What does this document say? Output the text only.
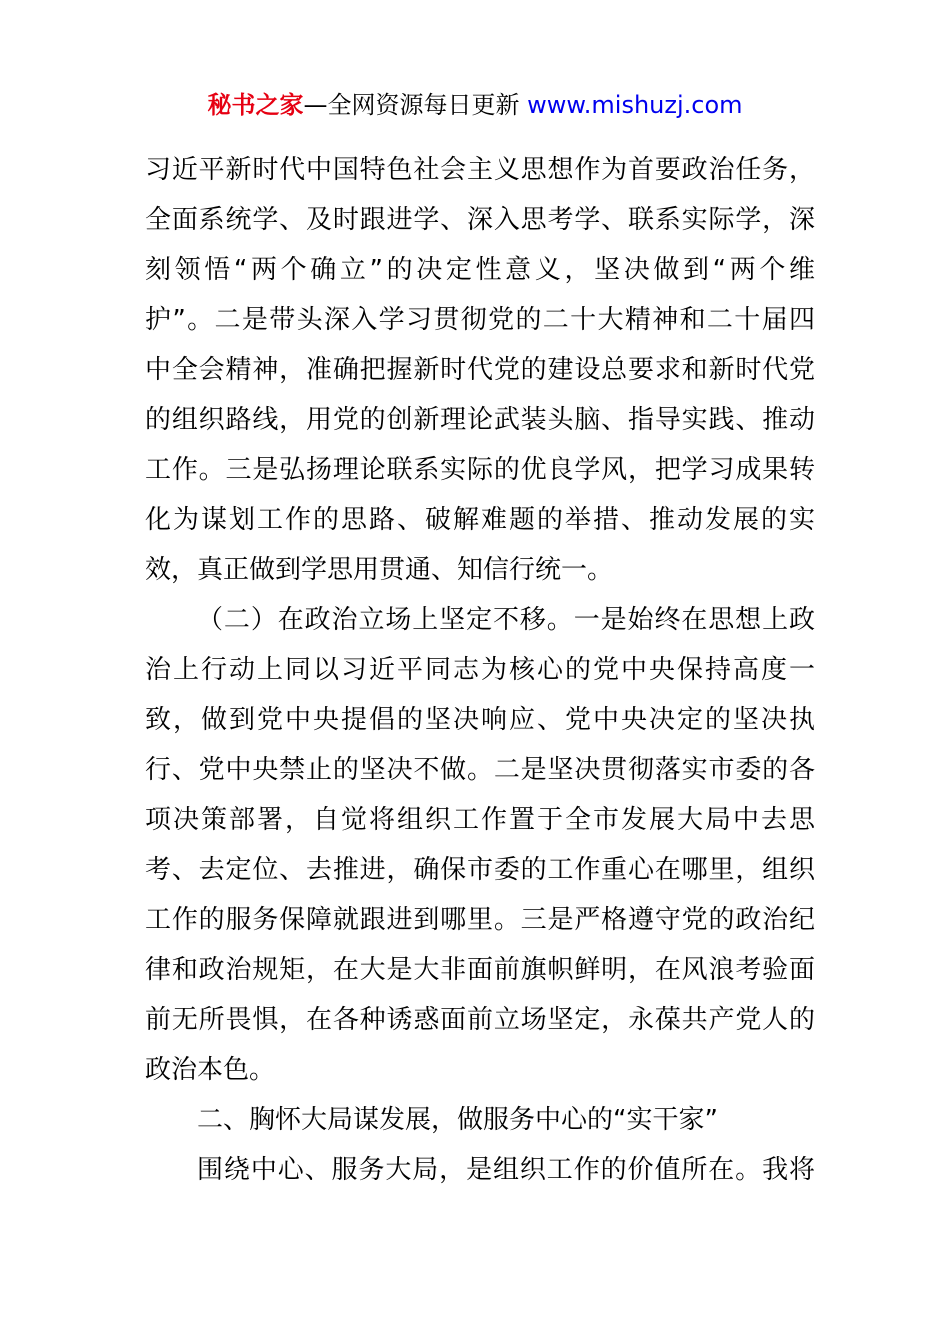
秘书之家—全网资源每日更新 www.mishuzj.com
习近平新时代中国特色社会主义思想作为首要政治任务，
全面系统学、及时跟进学、深入思考学、联系实际学，深
刻领悟“两个确立”的决定性意义，坚决做到“两个维
护”。二是带头深入学习贯彻党的二十大精神和二十届四
中全会精神，准确把握新时代党的建设总要求和新时代党
的组织路线，用党的创新理论武装头脑、指导实践、推动
工作。三是弘扬理论联系实际的优良学风，把学习成果转
化为谋划工作的思路、破解难题的举措、推动发展的实
效，真正做到学思用贯通、知信行统一。
（二）在政治立场上坚定不移。一是始终在思想上政
治上行动上同以习近平同志为核心的党中央保持高度一
致，做到党中央提倡的坚决响应、党中央决定的坚决执
行、党中央禁止的坚决不做。二是坚决贯彻落实市委的各
项决策部署，自觉将组织工作置于全市发展大局中去思
考、去定位、去推进，确保市委的工作重心在哪里，组织
工作的服务保障就跟进到哪里。三是严格遵守党的政治纪
律和政治规矩，在大是大非面前旗帜鲜明，在风浪考验面
前无所畏惧，在各种诱惑面前立场坚定，永葆共产党人的
政治本色。
二、胸怀大局谋发展，做服务中心的“实干家”
围绕中心、服务大局，是组织工作的价值所在。我将
